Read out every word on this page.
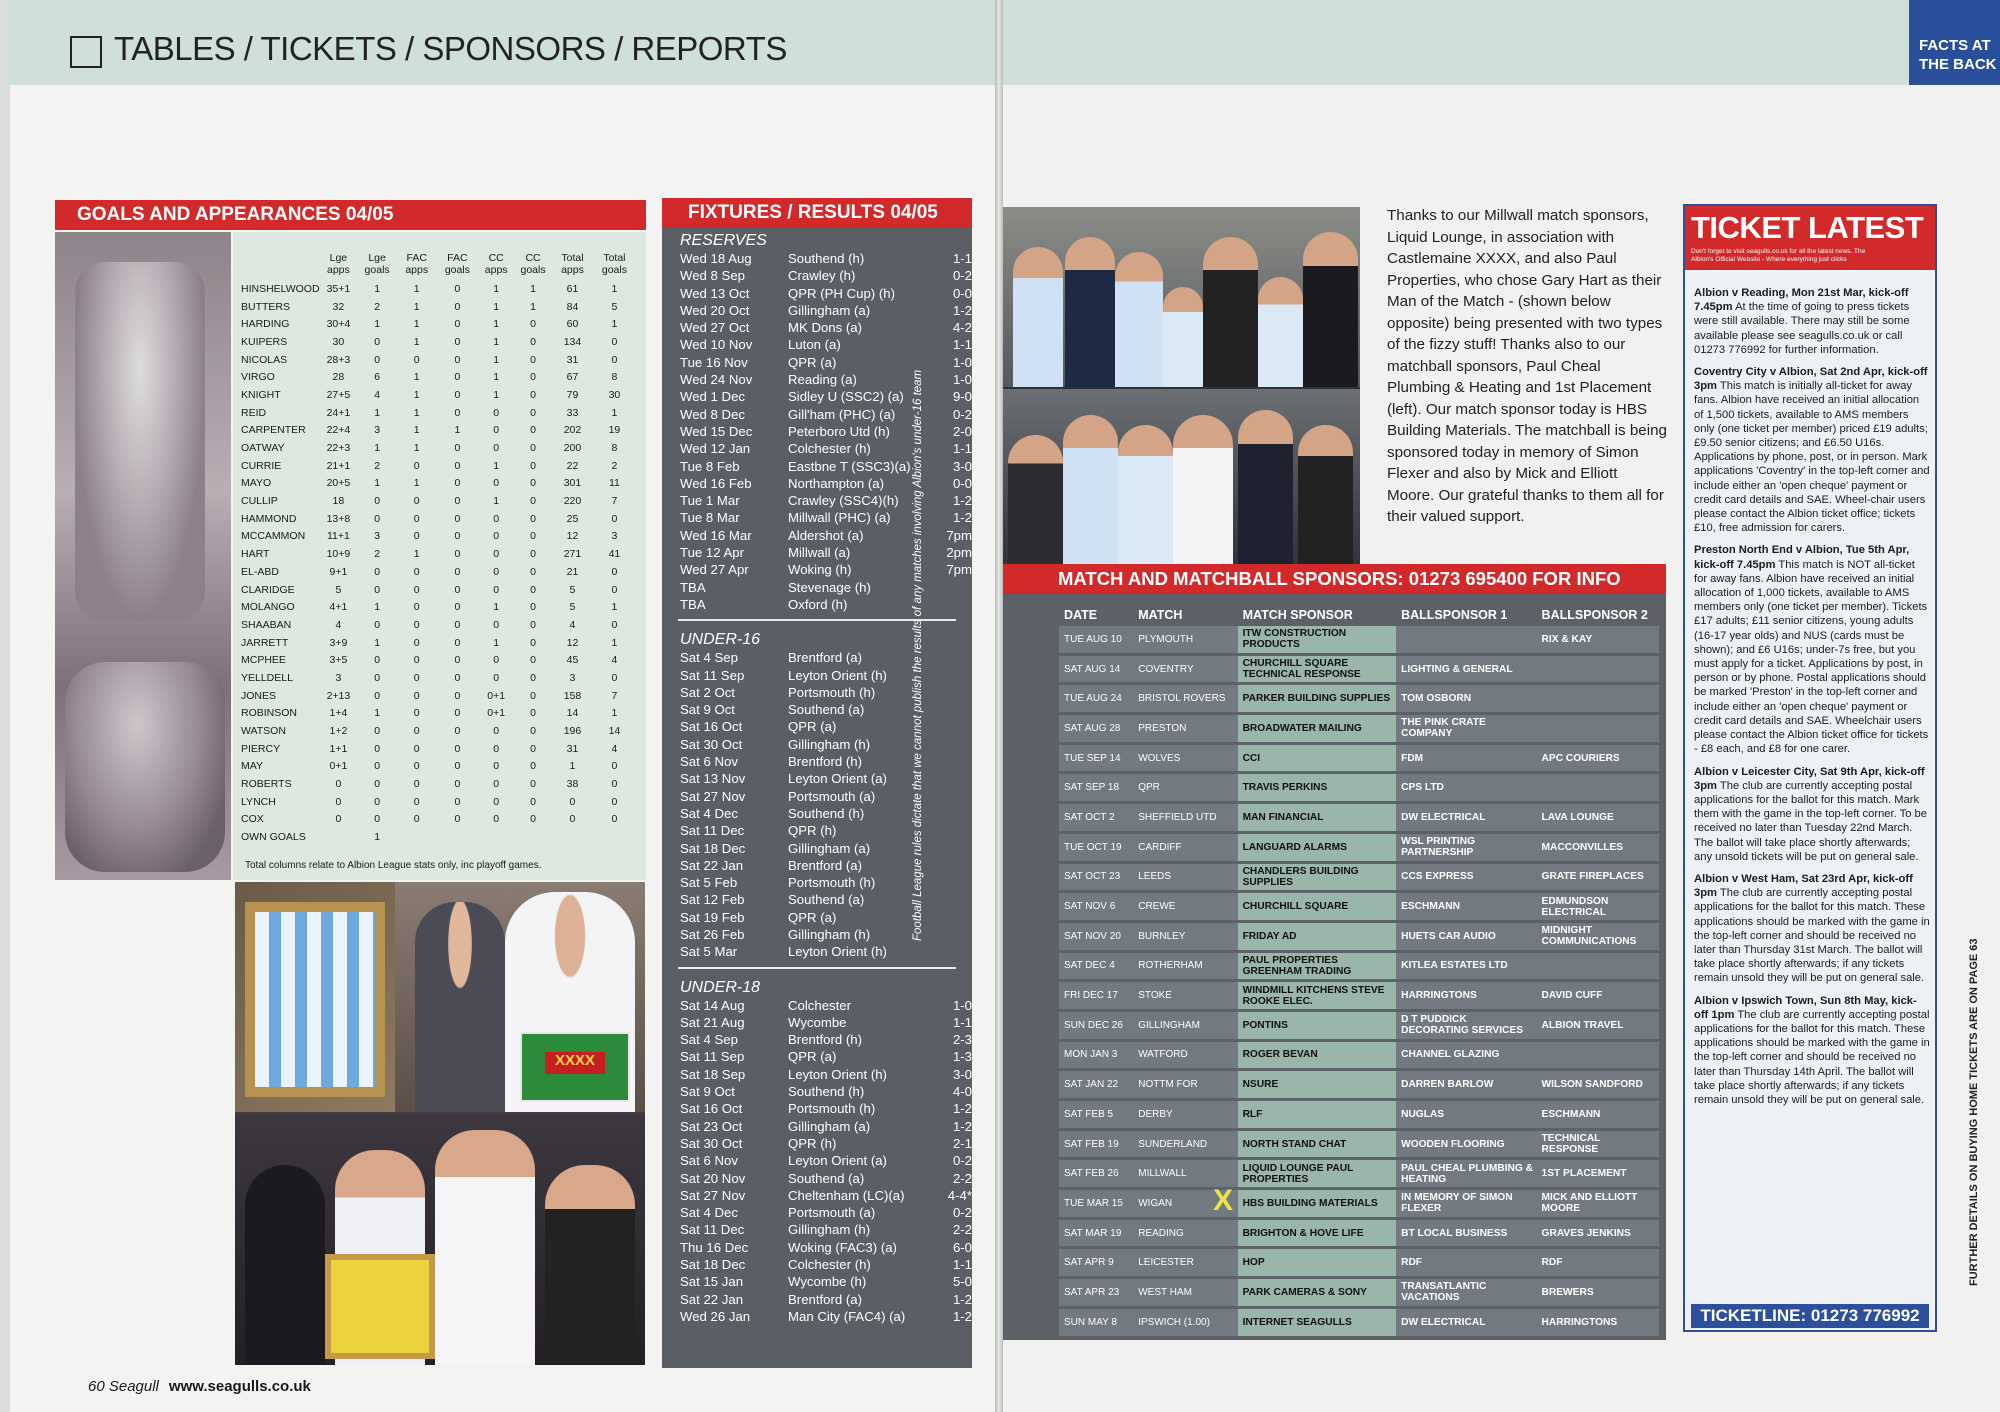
TABLES / TICKETS / SPONSORS / REPORTS
GOALS AND APPEARANCES 04/05
	Lge apps	Lge goals	FAC apps	FAC goals	CC apps	CC goals	Total apps	Total goals
HINSHELWOOD	35+1	1	1	0	1	1	61	1
BUTTERS	32	2	1	0	1	1	84	5
HARDING	30+4	1	1	0	1	0	60	1
KUIPERS	30	0	1	0	1	0	134	0
NICOLAS	28+3	0	0	0	1	0	31	0
VIRGO	28	6	1	0	1	0	67	8
KNIGHT	27+5	4	1	0	1	0	79	30
REID	24+1	1	1	0	0	0	33	1
CARPENTER	22+4	3	1	1	0	0	202	19
OATWAY	22+3	1	1	0	0	0	200	8
CURRIE	21+1	2	0	0	1	0	22	2
MAYO	20+5	1	1	0	0	0	301	11
CULLIP	18	0	0	0	1	0	220	7
HAMMOND	13+8	0	0	0	0	0	25	0
MCCAMMON	11+1	3	0	0	0	0	12	3
HART	10+9	2	1	0	0	0	271	41
EL-ABD	9+1	0	0	0	0	0	21	0
CLARIDGE	5	0	0	0	0	0	5	0
MOLANGO	4+1	1	0	0	1	0	5	1
SHAABAN	4	0	0	0	0	0	4	0
JARRETT	3+9	1	0	0	1	0	12	1
MCPHEE	3+5	0	0	0	0	0	45	4
YELLDELL	3	0	0	0	0	0	3	0
JONES	2+13	0	0	0	0+1	0	158	7
ROBINSON	1+4	1	0	0	0+1	0	14	1
WATSON	1+2	0	0	0	0	0	196	14
PIERCY	1+1	0	0	0	0	0	31	4
MAY	0+1	0	0	0	0	0	1	0
ROBERTS	0	0	0	0	0	0	38	0
LYNCH	0	0	0	0	0	0	0	0
COX	0	0	0	0	0	0	0	0
OWN GOALS		1						
Total columns relate to Albion League stats only, inc playoff games.
XXXX
FIXTURES / RESULTS 04/05
RESERVES
Wed 18 Aug	Southend (h)	1-1
Wed 8 Sep	Crawley (h)	0-2
Wed 13 Oct	QPR (PH Cup) (h)	0-0
Wed 20 Oct	Gillingham (a)	1-2
Wed 27 Oct	MK Dons (a)	4-2
Wed 10 Nov	Luton (a)	1-1
Tue 16 Nov	QPR (a)	1-0
Wed 24 Nov	Reading (a)	1-0
Wed 1 Dec	Sidley U (SSC2) (a)	9-0
Wed 8 Dec	Gill'ham (PHC) (a)	0-2
Wed 15 Dec	Peterboro Utd (h)	2-0
Wed 12 Jan	Colchester (h)	1-1
Tue 8 Feb	Eastbne T (SSC3)(a)	3-0
Wed 16 Feb	Northampton (a)	0-0
Tue 1 Mar	Crawley (SSC4)(h)	1-2
Tue 8 Mar	Millwall (PHC) (a)	1-2
Wed 16 Mar	Aldershot (a)	7pm
Tue 12 Apr	Millwall (a)	2pm
Wed 27 Apr	Woking (h)	7pm
TBA	Stevenage (h)
TBA	Oxford (h)
UNDER-16
Sat 4 Sep	Brentford (a)
Sat 11 Sep	Leyton Orient (h)
Sat 2 Oct	Portsmouth (h)
Sat 9 Oct	Southend (a)
Sat 16 Oct	QPR (a)
Sat 30 Oct	Gillingham (h)
Sat 6 Nov	Brentford (h)
Sat 13 Nov	Leyton Orient (a)
Sat 27 Nov	Portsmouth (a)
Sat 4 Dec	Southend (h)
Sat 11 Dec	QPR (h)
Sat 18 Dec	Gillingham (a)
Sat 22 Jan	Brentford (a)
Sat 5 Feb	Portsmouth (h)
Sat 12 Feb	Southend (a)
Sat 19 Feb	QPR (a)
Sat 26 Feb	Gillingham (h)
Sat 5 Mar	Leyton Orient (h)
Football League rules dictate that we cannot publish the results of any matches involving Albion's under-16 team
UNDER-18
Sat 14 Aug	Colchester	1-0
Sat 21 Aug	Wycombe	1-1
Sat 4 Sep	Brentford (h)	2-3
Sat 11 Sep	QPR (a)	1-3
Sat 18 Sep	Leyton Orient (h)	3-0
Sat 9 Oct	Southend (h)	4-0
Sat 16 Oct	Portsmouth (h)	1-2
Sat 23 Oct	Gillingham (a)	1-2
Sat 30 Oct	QPR (h)	2-1
Sat 6 Nov	Leyton Orient (a)	0-2
Sat 20 Nov	Southend (a)	2-2
Sat 27 Nov	Cheltenham (LC)(a)	4-4*
Sat 4 Dec	Portsmouth (a)	0-2
Sat 11 Dec	Gillingham (h)	2-2
Thu 16 Dec	Woking (FAC3) (a)	6-0
Sat 18 Dec	Colchester (h)	1-1
Sat 15 Jan	Wycombe (h)	5-0
Sat 22 Jan	Brentford (a)	1-2
Wed 26 Jan	Man City (FAC4) (a)	1-2
60 Seagull www.seagulls.co.uk
FACTS AT
THE BACK
Thanks to our Millwall match sponsors, Liquid Lounge, in association with Castlemaine XXXX, and also Paul Properties, who chose Gary Hart as their Man of the Match - (shown below opposite) being presented with two types of the fizzy stuff! Thanks also to our matchball sponsors, Paul Cheal Plumbing & Heating and 1st Placement (left). Our match sponsor today is HBS Building Materials. The matchball is being sponsored today in memory of Simon Flexer and also by Mick and Elliott Moore. Our grateful thanks to them all for their valued support.
MATCH AND MATCHBALL SPONSORS: 01273 695400 FOR INFO
DATE	MATCH	MATCH SPONSOR	BALLSPONSOR 1	BALLSPONSOR 2
TUE AUG 10	PLYMOUTH	ITW CONSTRUCTION PRODUCTS		RIX & KAY
SAT AUG 14	COVENTRY	CHURCHILL SQUARE TECHNICAL RESPONSE	LIGHTING & GENERAL	
TUE AUG 24	BRISTOL ROVERS	PARKER BUILDING SUPPLIES	TOM OSBORN	
SAT AUG 28	PRESTON	BROADWATER MAILING	THE PINK CRATE COMPANY	
TUE SEP 14	WOLVES	CCI	FDM	APC COURIERS
SAT SEP 18	QPR	TRAVIS PERKINS	CPS LTD	
SAT OCT 2	SHEFFIELD UTD	MAN FINANCIAL	DW ELECTRICAL	LAVA LOUNGE
TUE OCT 19	CARDIFF	LANGUARD ALARMS	WSL PRINTING PARTNERSHIP	MACCONVILLES
SAT OCT 23	LEEDS	CHANDLERS BUILDING SUPPLIES	CCS EXPRESS	GRATE FIREPLACES
SAT NOV 6	CREWE	CHURCHILL SQUARE	ESCHMANN	EDMUNDSON ELECTRICAL
SAT NOV 20	BURNLEY	FRIDAY AD	HUETS CAR AUDIO	MIDNIGHT COMMUNICATIONS
SAT DEC 4	ROTHERHAM	PAUL PROPERTIES GREENHAM TRADING	KITLEA ESTATES LTD	
FRI DEC 17	STOKE	WINDMILL KITCHENS STEVE ROOKE ELEC.	HARRINGTONS	DAVID CUFF
SUN DEC 26	GILLINGHAM	PONTINS	D T PUDDICK DECORATING SERVICES	ALBION TRAVEL
MON JAN 3	WATFORD	ROGER BEVAN	CHANNEL GLAZING	
SAT JAN 22	NOTTM FOR	NSURE	DARREN BARLOW	WILSON SANDFORD
SAT FEB 5	DERBY	RLF	NUGLAS	ESCHMANN
SAT FEB 19	SUNDERLAND	NORTH STAND CHAT	WOODEN FLOORING	TECHNICAL RESPONSE
SAT FEB 26	MILLWALL	LIQUID LOUNGE PAUL PROPERTIES	PAUL CHEAL PLUMBING & HEATING	1ST PLACEMENT
TUE MAR 15	WIGAN	HBS BUILDING MATERIALS	IN MEMORY OF SIMON FLEXER	MICK AND ELLIOTT MOORE
SAT MAR 19	READING	BRIGHTON & HOVE LIFE	BT LOCAL BUSINESS	GRAVES JENKINS
SAT APR 9	LEICESTER	HOP	RDF	RDF
SAT APR 23	WEST HAM	PARK CAMERAS & SONY	TRANSATLANTIC VACATIONS	BREWERS
SUN MAY 8	IPSWICH (1.00)	INTERNET SEAGULLS	DW ELECTRICAL	HARRINGTONS
X
TICKET LATEST
Don't forget to visit seagulls.co.uk for all the latest news. The Albion's Official Website - Where everything just clicks

Albion v Reading, Mon 21st Mar, kick-off 7.45pm At the time of going to press tickets were still available. There may still be some available please see seagulls.co.uk or call 01273 776992 for further information.

Coventry City v Albion, Sat 2nd Apr, kick-off 3pm This match is initially all-ticket for away fans. Albion have received an initial allocation of 1,500 tickets, available to AMS members only (one ticket per member) priced £19 adults; £9.50 senior citizens; and £6.50 U16s. Applications by phone, post, or in person. Mark applications 'Coventry' in the top-left corner and include either an 'open cheque' payment or credit card details and SAE. Wheel-chair users please contact the Albion ticket office; tickets £10, free admission for carers.

Preston North End v Albion, Tue 5th Apr, kick-off 7.45pm This match is NOT all-ticket for away fans. Albion have received an initial allocation of 1,000 tickets, available to AMS members only (one ticket per member). Tickets £17 adults; £11 senior citizens, young adults (16-17 year olds) and NUS (cards must be shown); and £6 U16s; under-7s free, but you must apply for a ticket. Applications by post, in person or by phone. Postal applications should be marked 'Preston' in the top-left corner and include either an 'open cheque' payment or credit card details and SAE. Wheelchair users please contact the Albion ticket office for tickets - £8 each, and £8 for one carer.

Albion v Leicester City, Sat 9th Apr, kick-off 3pm The club are currently accepting postal applications for the ballot for this match. Mark them with the game in the top-left corner. To be received no later than Tuesday 22nd March. The ballot will take place shortly afterwards; any unsold tickets will be put on general sale.

Albion v West Ham, Sat 23rd Apr, kick-off 3pm The club are currently accepting postal applications for the ballot for this match. These applications should be marked with the game in the top-left corner and should be received no later than Thursday 31st March. The ballot will take place shortly afterwards; if any tickets remain unsold they will be put on general sale.

Albion v Ipswich Town, Sun 8th May, kick-off 1pm The club are currently accepting postal applications for the ballot for this match. These applications should be marked with the game in the top-left corner and should be received no later than Thursday 14th April. The ballot will take place shortly afterwards; if any tickets remain unsold they will be put on general sale.

TICKETLINE: 01273 776992
FURTHER DETAILS ON BUYING HOME TICKETS ARE ON PAGE 63
